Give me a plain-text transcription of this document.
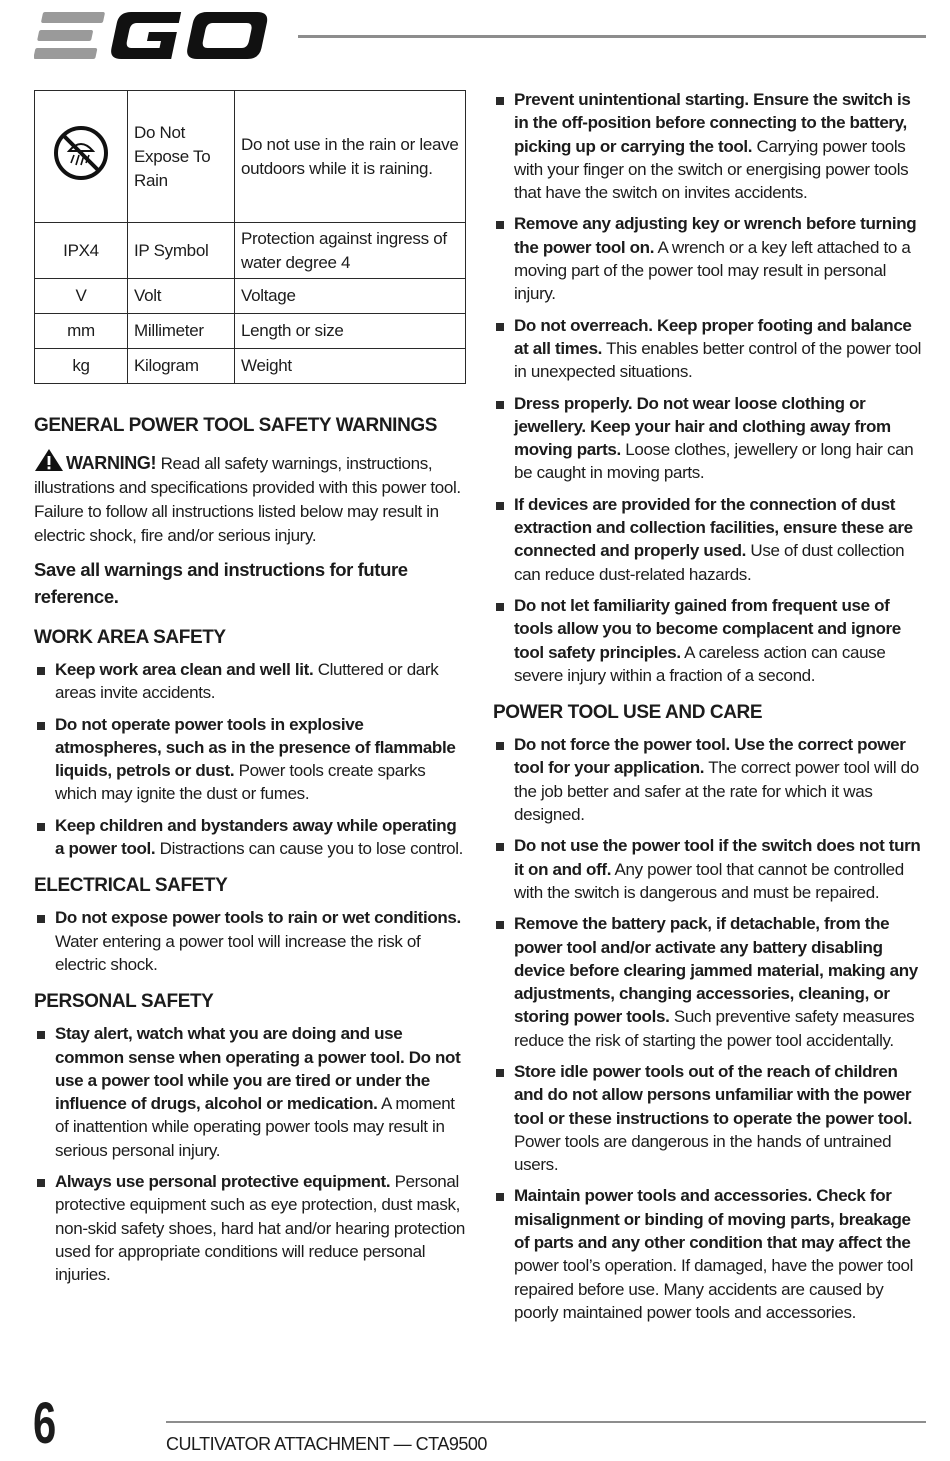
	Do Not Expose To Rain	Do not use in the rain or leave outdoors while it is raining.
IPX4	IP Symbol	Protection against ingress of water degree 4
V	Volt	Voltage
mm	Millimeter	Length or size
kg	Kilogram	Weight
GENERAL POWER TOOL SAFETY WARNINGS

WARNING! Read all safety warnings, instructions, illustrations and specifications provided with this power tool. Failure to follow all instructions listed below may result in electric shock, fire and/or serious injury.

Save all warnings and instructions for future reference.

WORK AREA SAFETY
Keep work area clean and well lit. Cluttered or dark areas invite accidents.
Do not operate power tools in explosive atmospheres, such as in the presence of flammable liquids, petrols or dust. Power tools create sparks which may ignite the dust or fumes.
Keep children and bystanders away while operating a power tool. Distractions can cause you to lose control.
ELECTRICAL SAFETY
Do not expose power tools to rain or wet conditions. Water entering a power tool will increase the risk of electric shock.
PERSONAL SAFETY
Stay alert, watch what you are doing and use common sense when operating a power tool. Do not use a power tool while you are tired or under the influence of drugs, alcohol or medication. A moment of inattention while operating power tools may result in serious personal injury.
Always use personal protective equipment. Personal protective equipment such as eye protection, dust mask, non-skid safety shoes, hard hat and/or hearing protection used for appropriate conditions will reduce personal injuries.
Prevent unintentional starting. Ensure the switch is in the off-position before connecting to the battery, picking up or carrying the tool. Carrying power tools with your finger on the switch or energising power tools that have the switch on invites accidents.
Remove any adjusting key or wrench before turning the power tool on. A wrench or a key left attached to a moving part of the power tool may result in personal injury.
Do not overreach. Keep proper footing and balance at all times. This enables better control of the power tool in unexpected situations.
Dress properly. Do not wear loose clothing or jewellery. Keep your hair and clothing away from moving parts. Loose clothes, jewellery or long hair can be caught in moving parts.
If devices are provided for the connection of dust extraction and collection facilities, ensure these are connected and properly used. Use of dust collection can reduce dust-related hazards.
Do not let familiarity gained from frequent use of tools allow you to become complacent and ignore tool safety principles. A careless action can cause severe injury within a fraction of a second.
POWER TOOL USE AND CARE
Do not force the power tool. Use the correct power tool for your application. The correct power tool will do the job better and safer at the rate for which it was designed.
Do not use the power tool if the switch does not turn it on and off. Any power tool that cannot be controlled with the switch is dangerous and must be repaired.
Remove the battery pack, if detachable, from the power tool and/or activate any battery disabling device before clearing jammed material, making any adjustments, changing accessories, cleaning, or storing power tools. Such preventive safety measures reduce the risk of starting the power tool accidentally.
Store idle power tools out of the reach of children and do not allow persons unfamiliar with the power tool or these instructions to operate the power tool. Power tools are dangerous in the hands of untrained users.
Maintain power tools and accessories. Check for misalignment or binding of moving parts, breakage of parts and any other condition that may affect the power tool’s operation. If damaged, have the power tool repaired before use. Many accidents are caused by poorly maintained power tools and accessories.
6	CULTIVATOR ATTACHMENT — CTA9500
